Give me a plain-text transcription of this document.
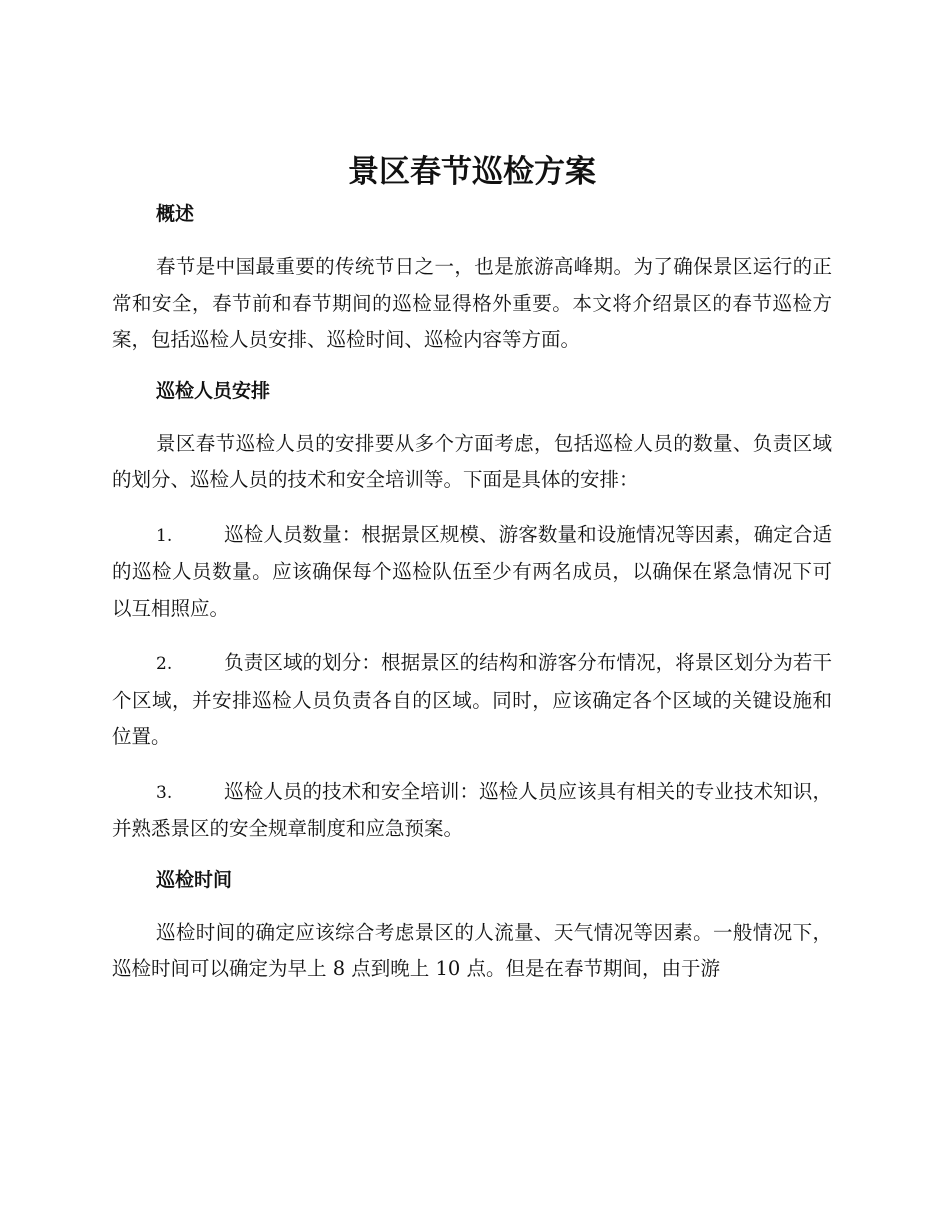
景区春节巡检方案
概述

春节是中国最重要的传统节日之一，也是旅游高峰期。为了确保景区运行的正常和安全，春节前和春节期间的巡检显得格外重要。本文将介绍景区的春节巡检方案，包括巡检人员安排、巡检时间、巡检内容等方面。

巡检人员安排

景区春节巡检人员的安排要从多个方面考虑，包括巡检人员的数量、负责区域的划分、巡检人员的技术和安全培训等。下面是具体的安排：

1.	巡检人员数量：根据景区规模、游客数量和设施情况等因素，确定合适的巡检人员数量。应该确保每个巡检队伍至少有两名成员，以确保在紧急情况下可以互相照应。

2.	负责区域的划分：根据景区的结构和游客分布情况，将景区划分为若干个区域，并安排巡检人员负责各自的区域。同时，应该确定各个区域的关键设施和位置。

3.	巡检人员的技术和安全培训：巡检人员应该具有相关的专业技术知识，并熟悉景区的安全规章制度和应急预案。

巡检时间

巡检时间的确定应该综合考虑景区的人流量、天气情况等因素。一般情况下，巡检时间可以确定为早上 8 点到晚上 10 点。但是在春节期间，由于游
